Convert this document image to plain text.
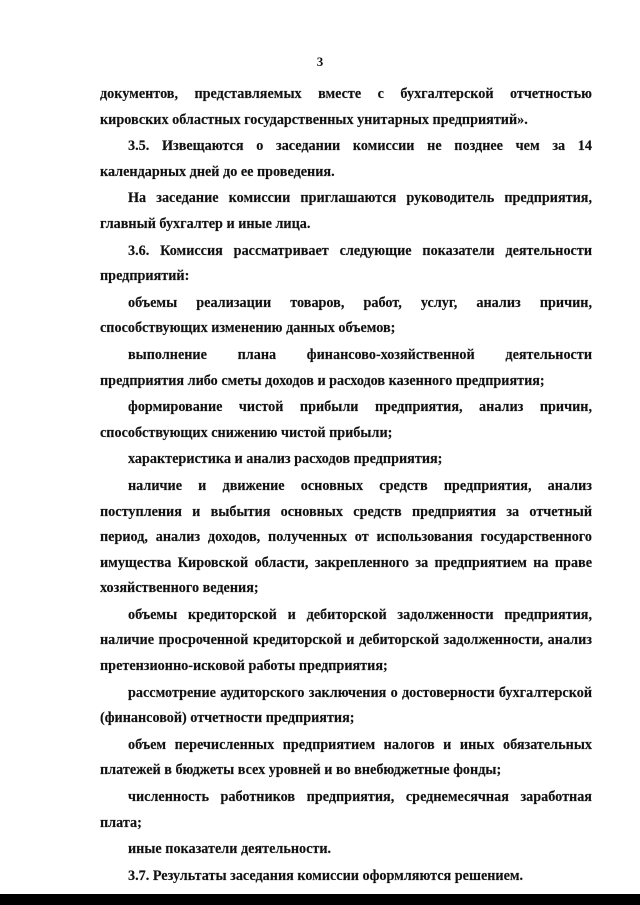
3

документов, представляемых вместе с бухгалтерской отчетностью кировских областных государственных унитарных предприятий».

3.5. Извещаются о заседании комиссии не позднее чем за 14 календарных дней до ее проведения.

На заседание комиссии приглашаются руководитель предприятия, главный бухгалтер и иные лица.

3.6. Комиссия рассматривает следующие показатели деятельности предприятий:

объемы реализации товаров, работ, услуг, анализ причин, способствующих изменению данных объемов;

выполнение плана финансово-хозяйственной деятельности предприятия либо сметы доходов и расходов казенного предприятия;

формирование чистой прибыли предприятия, анализ причин, способствующих снижению чистой прибыли;

характеристика и анализ расходов предприятия;

наличие и движение основных средств предприятия, анализ поступления и выбытия основных средств предприятия за отчетный период, анализ доходов, полученных от использования государственного имущества Кировской области, закрепленного за предприятием на праве хозяйственного ведения;

объемы кредиторской и дебиторской задолженности предприятия, наличие просроченной кредиторской и дебиторской задолженности, анализ претензионно-исковой работы предприятия;

рассмотрение аудиторского заключения о достоверности бухгалтерской (финансовой) отчетности предприятия;

объем перечисленных предприятием налогов и иных обязательных платежей в бюджеты всех уровней и во внебюджетные фонды;

численность работников предприятия, среднемесячная заработная плата;

иные показатели деятельности.

3.7. Результаты заседания комиссии оформляются решением.
